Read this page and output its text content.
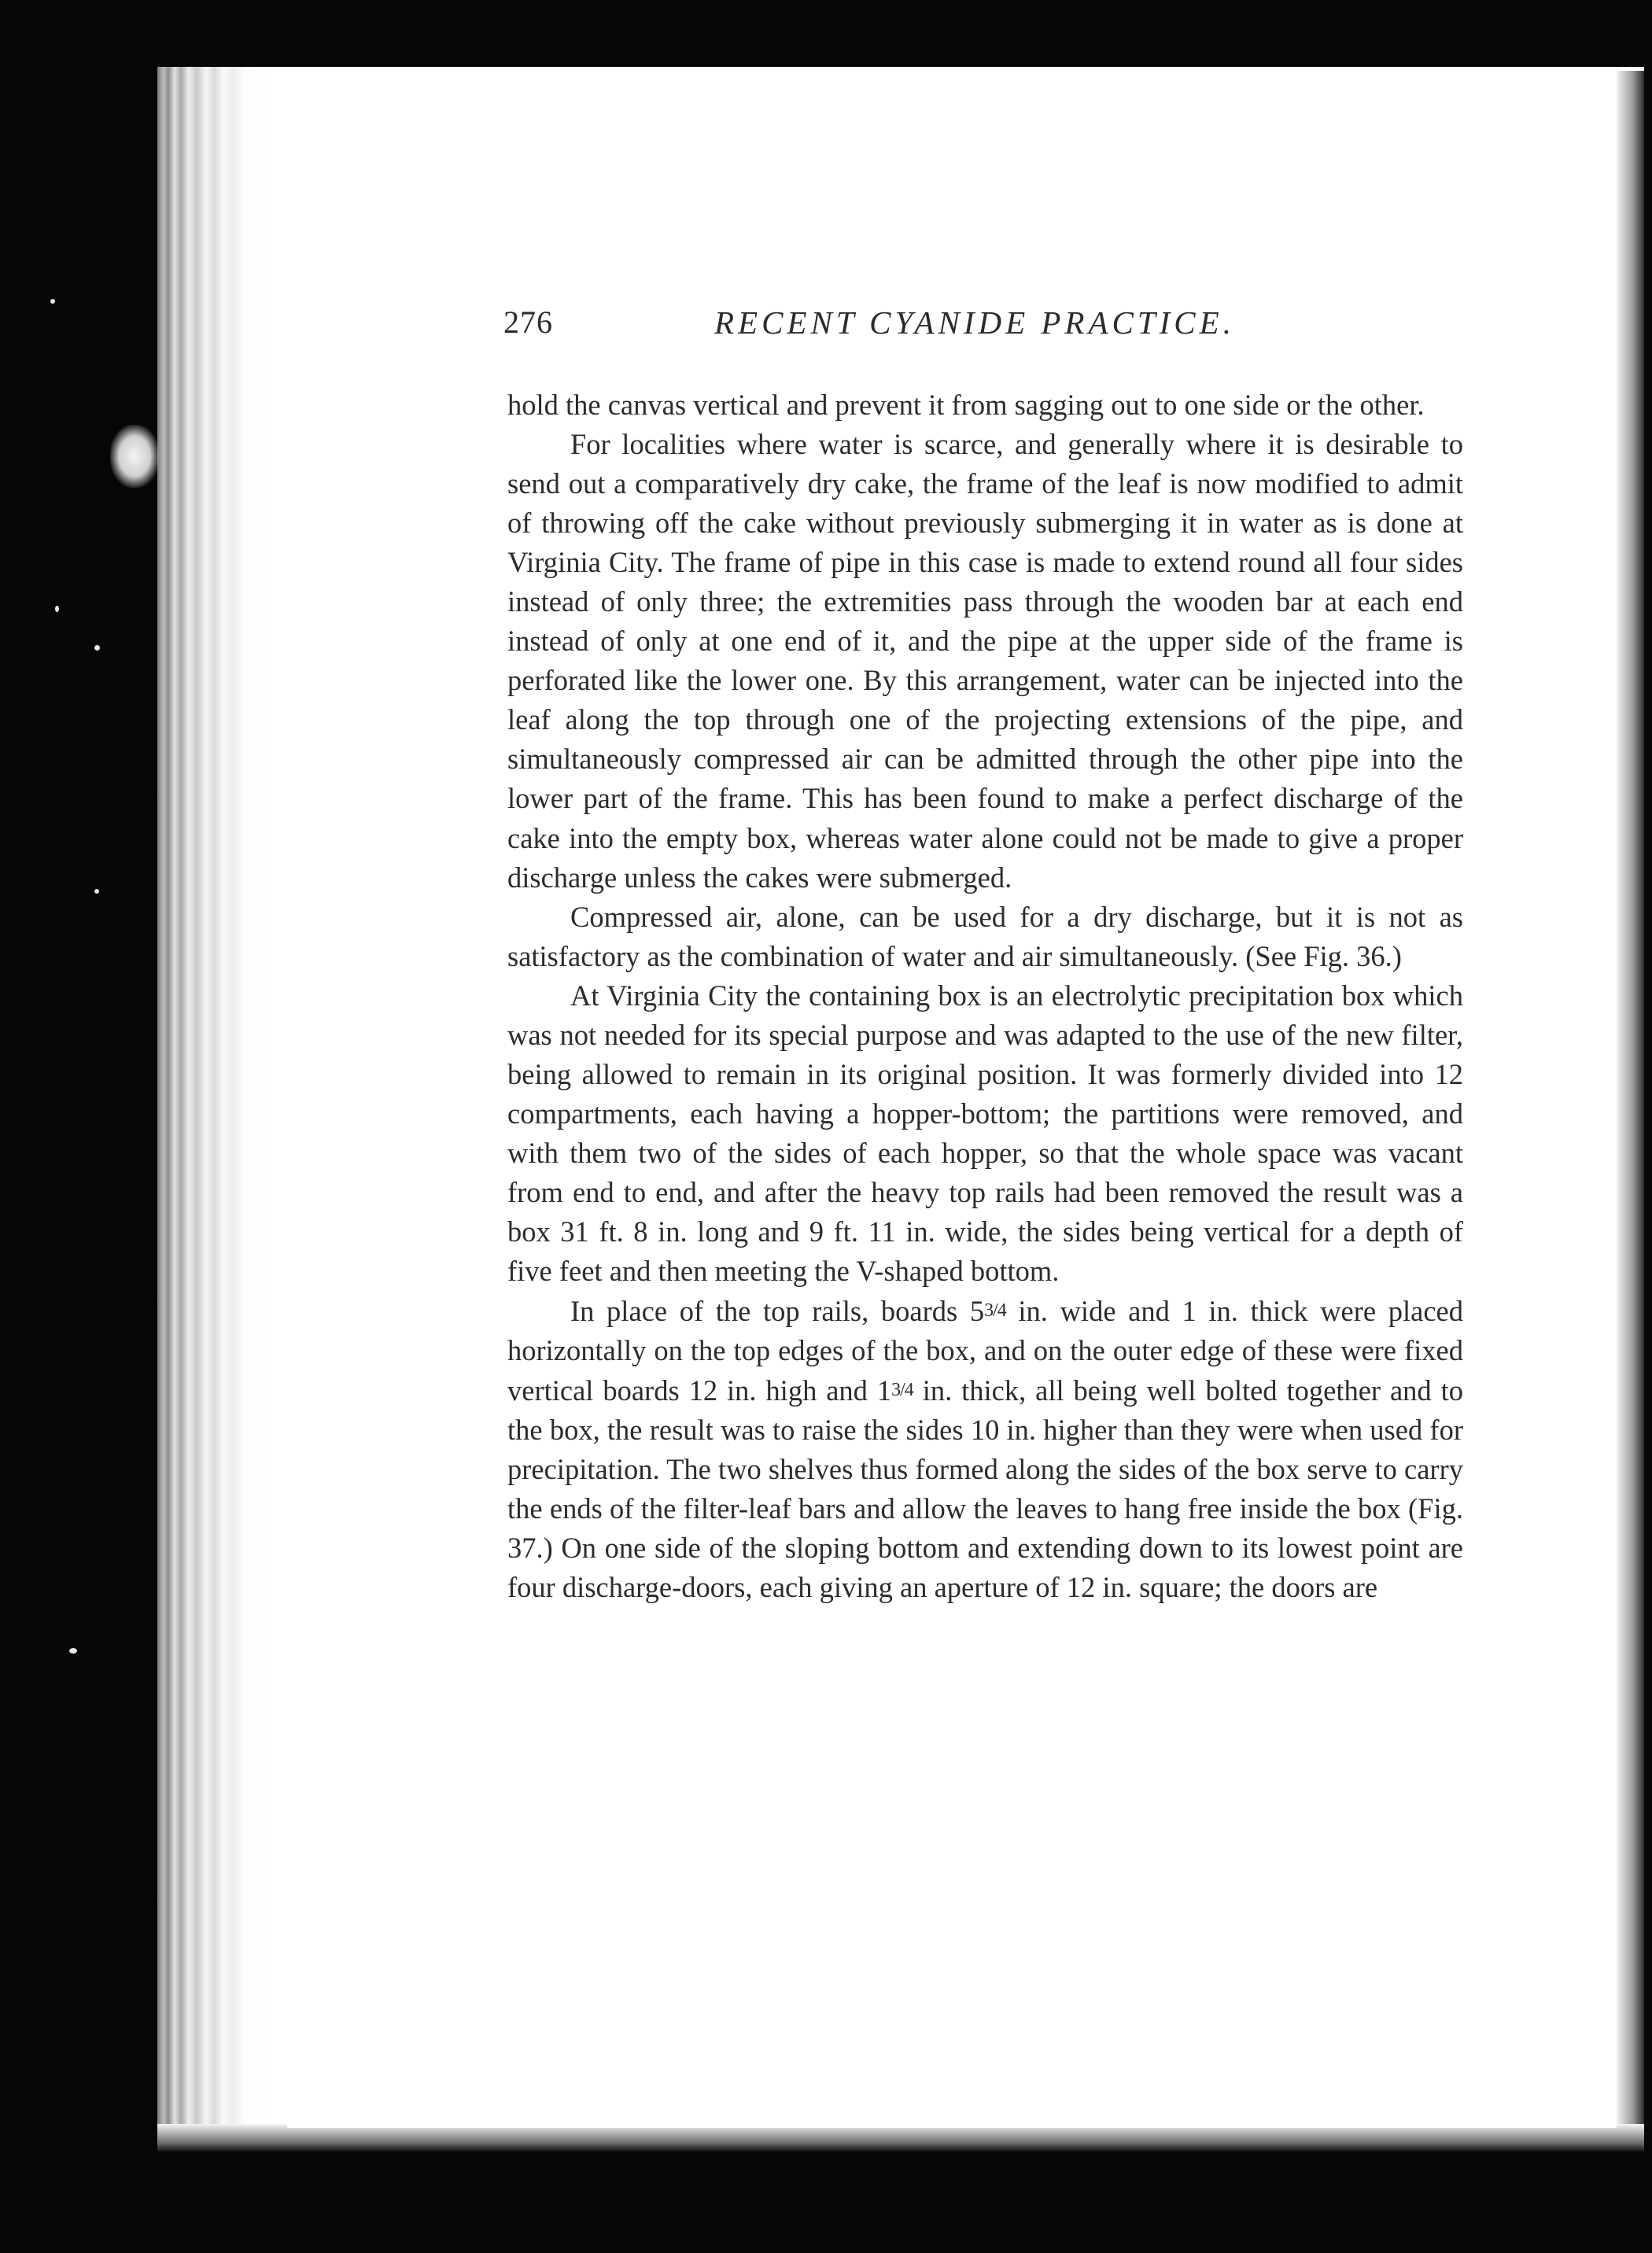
276	RECENT CYANIDE PRACTICE.

hold the canvas vertical and prevent it from sagging out to one side or the other.

For localities where water is scarce, and generally where it is desirable to send out a comparatively dry cake, the frame of the leaf is now modified to admit of throwing off the cake without previously submerging it in water as is done at Virginia City. The frame of pipe in this case is made to extend round all four sides instead of only three; the extremities pass through the wooden bar at each end instead of only at one end of it, and the pipe at the upper side of the frame is perforated like the lower one. By this arrangement, water can be injected into the leaf along the top through one of the projecting extensions of the pipe, and simultaneously compressed air can be admitted through the other pipe into the lower part of the frame. This has been found to make a perfect discharge of the cake into the empty box, whereas water alone could not be made to give a proper discharge unless the cakes were submerged.

Compressed air, alone, can be used for a dry discharge, but it is not as satisfactory as the combination of water and air simultaneously. (See Fig. 36.)

At Virginia City the containing box is an electrolytic precipitation box which was not needed for its special purpose and was adapted to the use of the new filter, being allowed to remain in its original position. It was formerly divided into 12 compartments, each having a hopper-bottom; the partitions were removed, and with them two of the sides of each hopper, so that the whole space was vacant from end to end, and after the heavy top rails had been removed the result was a box 31 ft. 8 in. long and 9 ft. 11 in. wide, the sides being vertical for a depth of five feet and then meeting the V-shaped bottom.

In place of the top rails, boards 53/4 in. wide and 1 in. thick were placed horizontally on the top edges of the box, and on the outer edge of these were fixed vertical boards 12 in. high and 13/4 in. thick, all being well bolted together and to the box, the result was to raise the sides 10 in. higher than they were when used for precipitation. The two shelves thus formed along the sides of the box serve to carry the ends of the filter-leaf bars and allow the leaves to hang free inside the box (Fig. 37.) On one side of the sloping bottom and extending down to its lowest point are four discharge-doors, each giving an aperture of 12 in. square; the doors are
